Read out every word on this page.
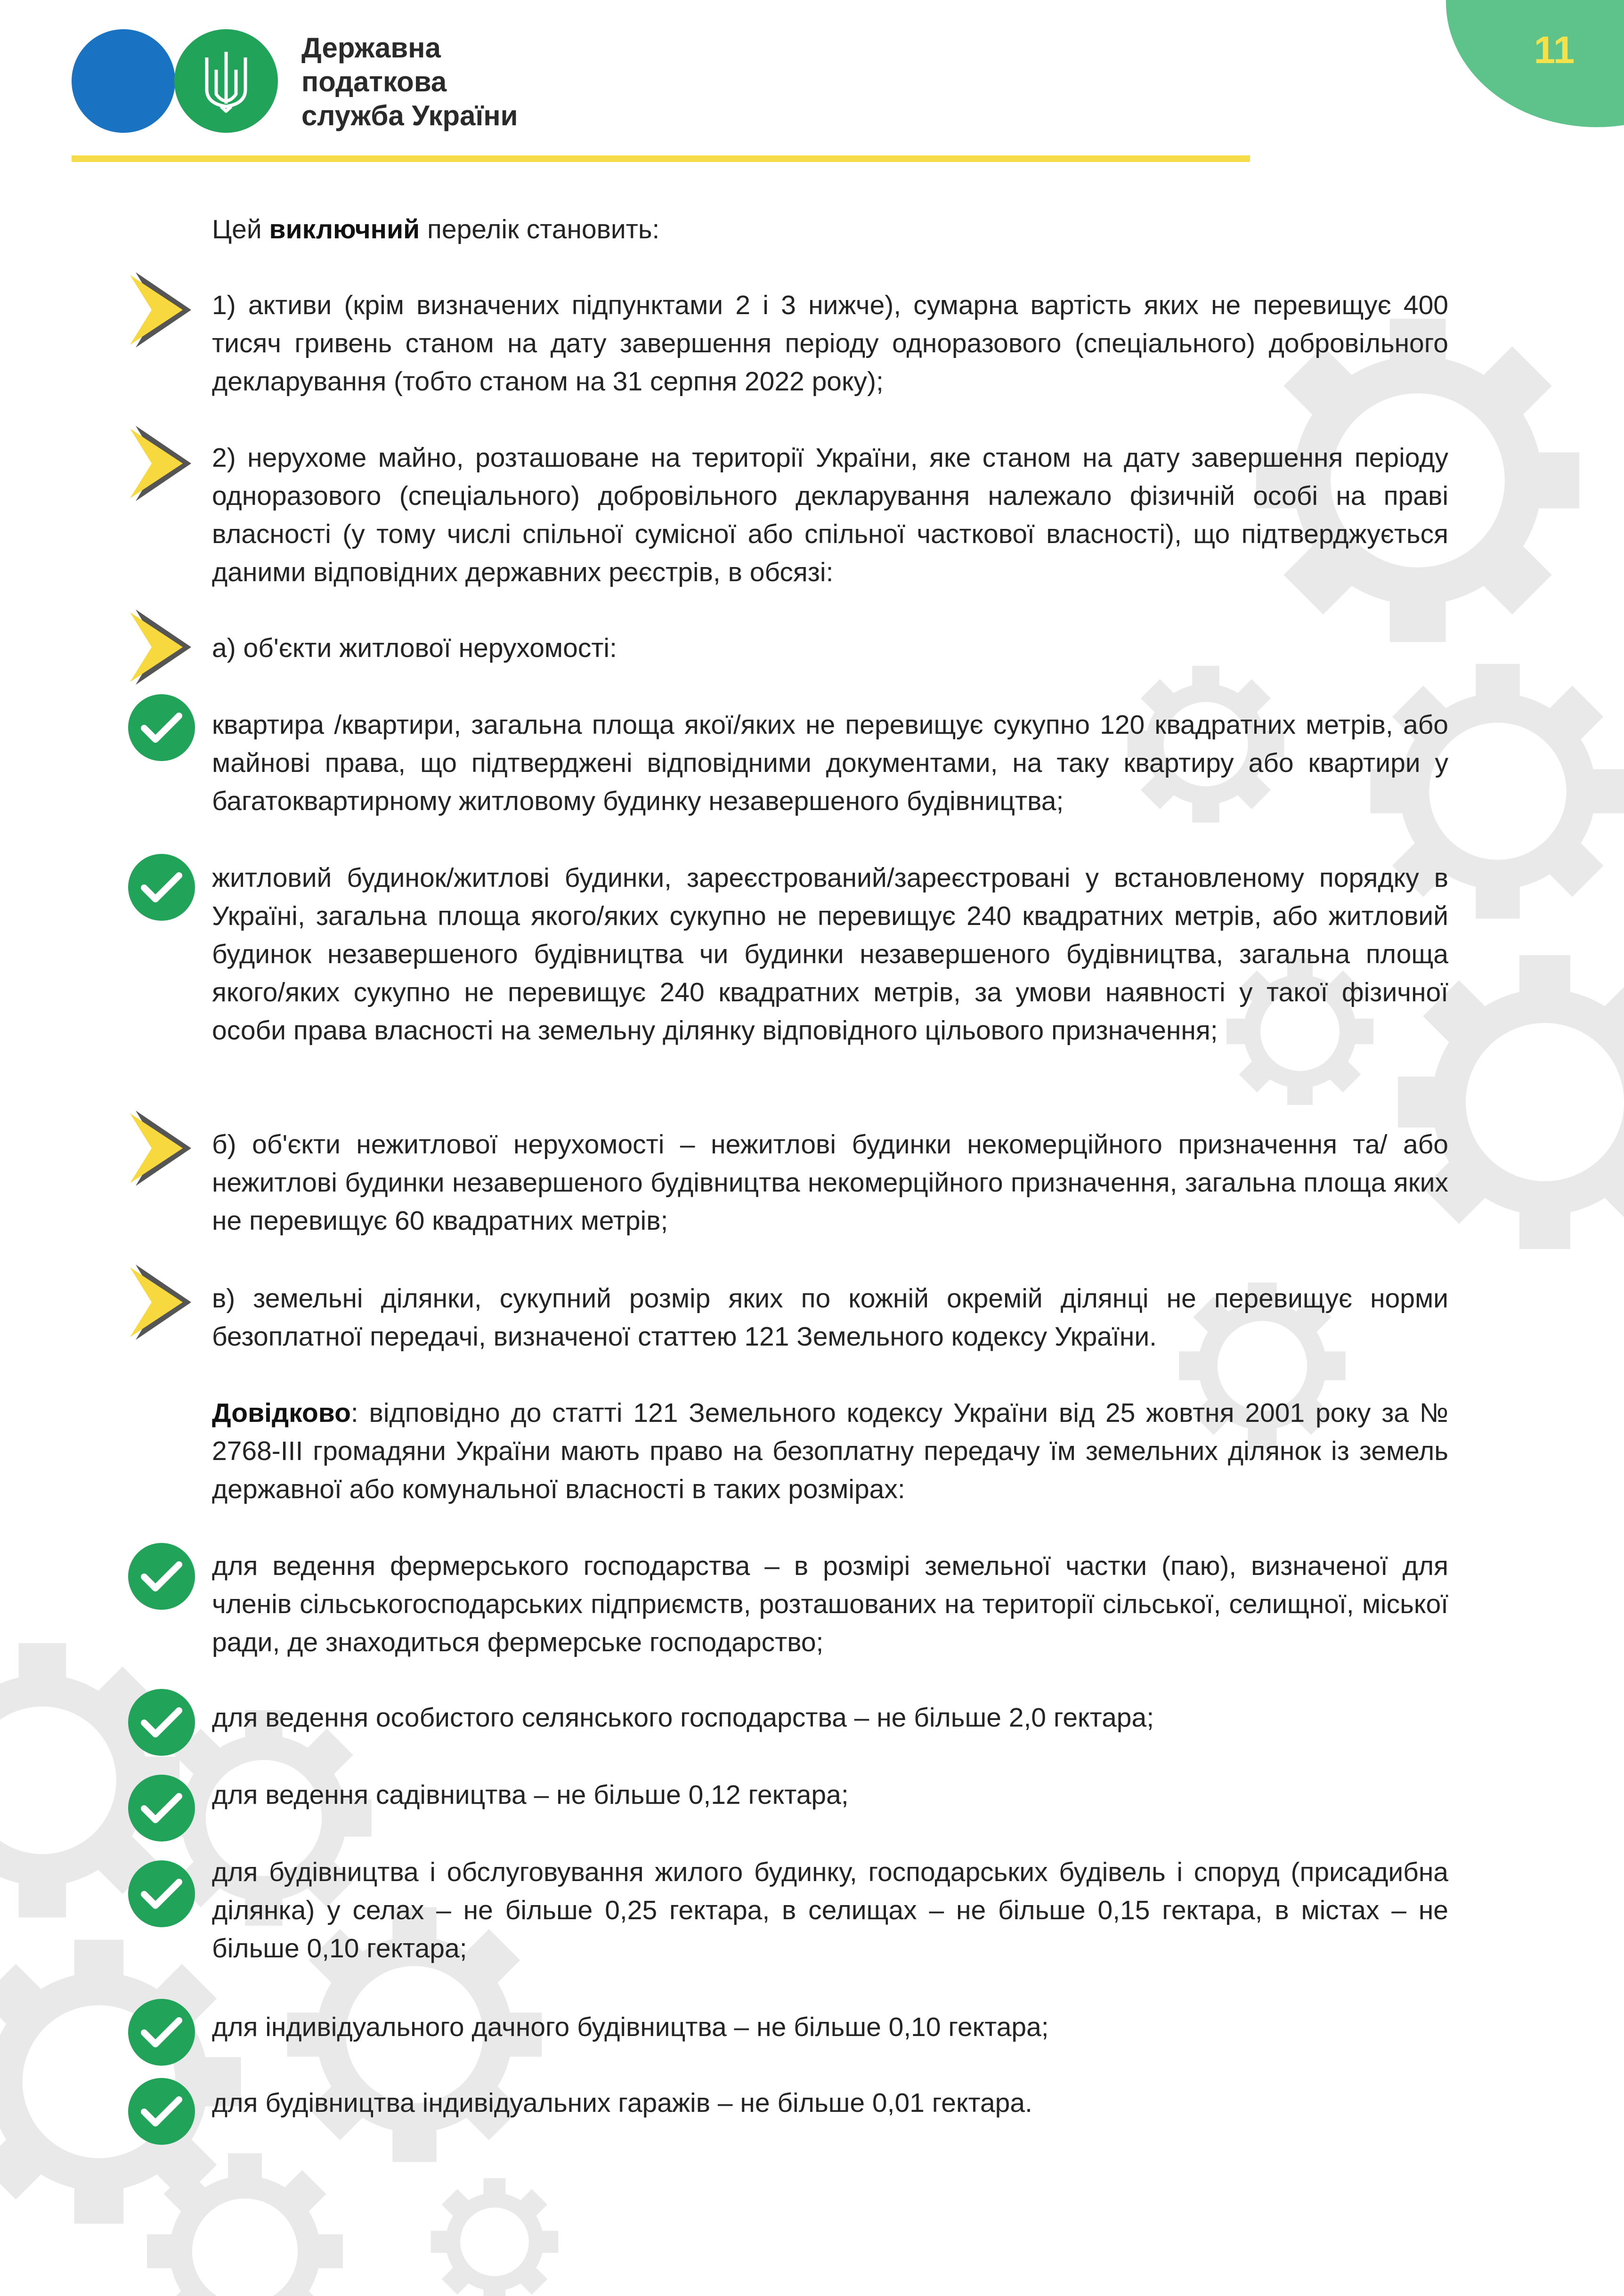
11
Державна
податкова
служба України
Цей виключний перелік становить:
1) активи (крім визначених підпунктами 2 і 3 нижче), сумарна вартість яких не перевищує 400 тисяч гривень станом на дату завершення періоду одноразового (спеціального) добровільного декларування (тобто станом на 31 серпня 2022 року);
2) нерухоме майно, розташоване на території України, яке станом на дату завершення періоду одноразового (спеціального) добровільного декларування належало фізичній особі на праві власності (у тому числі спільної сумісної або спільної часткової власності), що підтверджується даними відповідних державних реєстрів, в обсязі:
а) об'єкти житлової нерухомості:
квартира /квартири, загальна площа якої/яких не перевищує сукупно 120 квадратних метрів, або майнові права, що підтверджені відповідними документами, на таку квартиру або квартири у багатоквартирному житловому будинку незавершеного будівництва;
житловий будинок/житлові будинки, зареєстрований/зареєстровані у встановленому порядку в Україні, загальна площа якого/яких сукупно не перевищує 240 квадратних метрів, або житловий будинок незавершеного будівництва чи будинки незавершеного будівництва, загальна площа якого/яких сукупно не перевищує 240 квадратних метрів, за умови наявності у такої фізичної особи права власності на земельну ділянку відповідного цільового призначення;
б) об'єкти нежитлової нерухомості – нежитлові будинки некомерційного призначення та/ або нежитлові будинки незавершеного будівництва некомерційного призначення, загальна площа яких не перевищує 60 квадратних метрів;
в) земельні ділянки, сукупний розмір яких по кожній окремій ділянці не перевищує норми безоплатної передачі, визначеної статтею 121 Земельного кодексу України.
Довідково: відповідно до статті 121 Земельного кодексу України від 25 жовтня 2001 року за № 2768-III громадяни України мають право на безоплатну передачу їм земельних ділянок із земель державної або комунальної власності в таких розмірах:
для ведення фермерського господарства – в розмірі земельної частки (паю), визначеної для членів сільськогосподарських підприємств, розташованих на території сільської, селищної, міської ради, де знаходиться фермерське господарство;
для ведення особистого селянського господарства – не більше 2,0 гектара;
для ведення садівництва – не більше 0,12 гектара;
для будівництва і обслуговування жилого будинку, господарських будівель і споруд (присадибна ділянка) у селах – не більше 0,25 гектара, в селищах – не більше 0,15 гектара, в містах – не більше 0,10 гектара;
для індивідуального дачного будівництва – не більше 0,10 гектара;
для будівництва індивідуальних гаражів – не більше 0,01 гектара.
